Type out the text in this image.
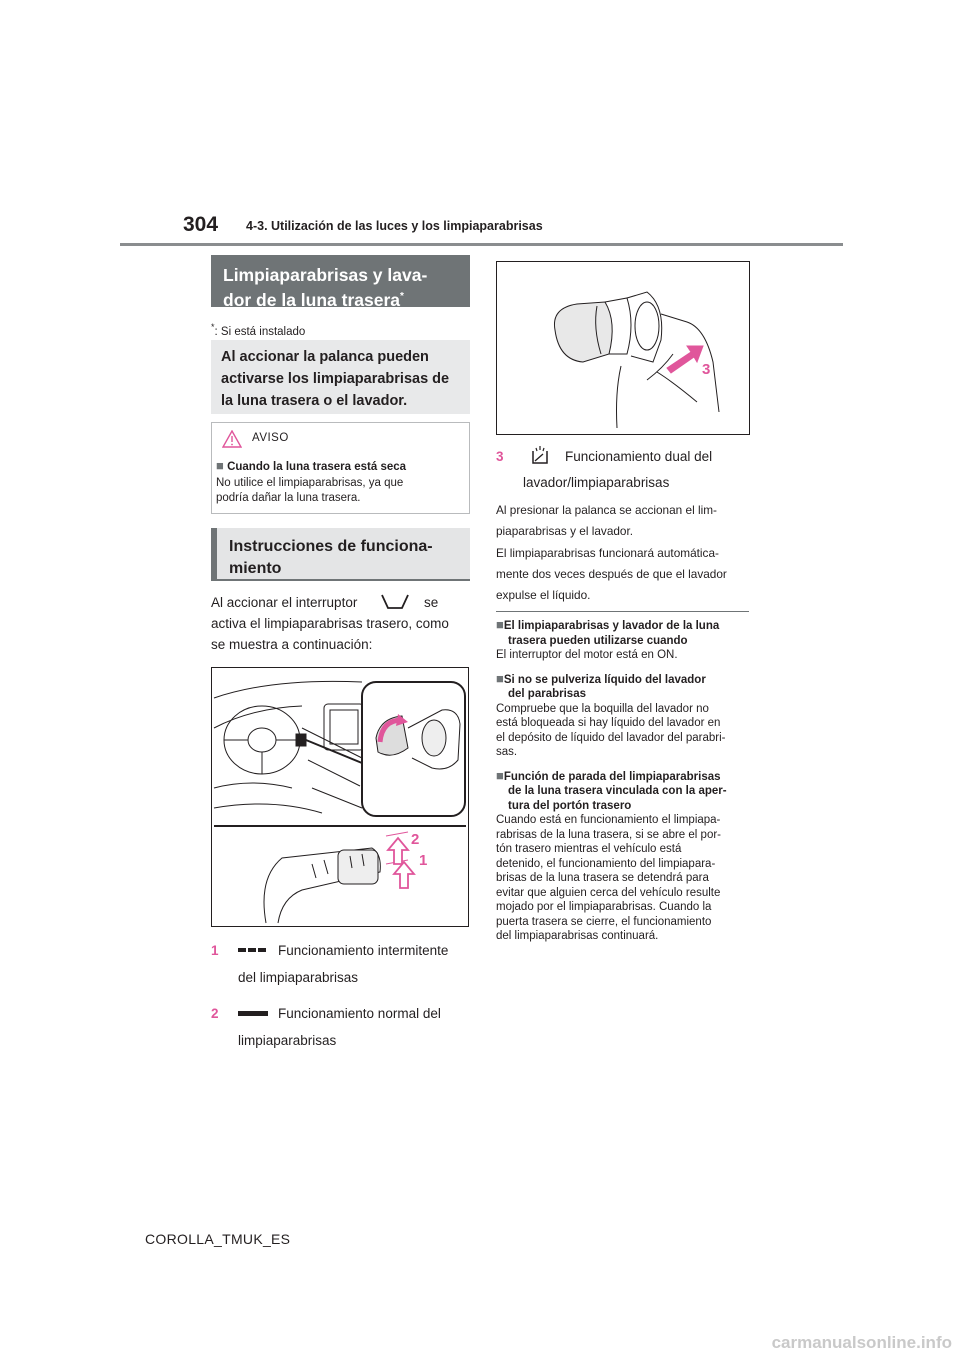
304 4-3. Utilización de las luces y los limpiaparabrisas
Limpiaparabrisas y lava-
dor de la luna trasera*
*: Si está instalado
Al accionar la palanca pueden
activarse los limpiaparabrisas de
la luna trasera o el lavador.
AVISO
■ Cuando la luna trasera está seca
No utilice el limpiaparabrisas, ya que
podría dañar la luna trasera.
Instrucciones de funciona-
miento
Al accionar el interruptor	se
activa el limpiaparabrisas trasero, como
se muestra a continuación:
2
1
1	Funcionamiento intermitente
del limpiaparabrisas
2	Funcionamiento normal del
limpiaparabrisas
3
3	Funcionamiento dual del
lavador/limpiaparabrisas
Al presionar la palanca se accionan el lim-
piaparabrisas y el lavador.
El limpiaparabrisas funcionará automática-
mente dos veces después de que el lavador
expulse el líquido.
■El limpiaparabrisas y lavador de la luna
trasera pueden utilizarse cuando
El interruptor del motor está en ON.
■Si no se pulveriza líquido del lavador
del parabrisas
Compruebe que la boquilla del lavador no
está bloqueada si hay líquido del lavador en
el depósito de líquido del lavador del parabri-
sas.
■Función de parada del limpiaparabrisas
de la luna trasera vinculada con la aper-
tura del portón trasero
Cuando está en funcionamiento el limpiapa-
rabrisas de la luna trasera, si se abre el por-
tón trasero mientras el vehículo está
detenido, el funcionamiento del limpiapara-
brisas de la luna trasera se detendrá para
evitar que alguien cerca del vehículo resulte
mojado por el limpiaparabrisas. Cuando la
puerta trasera se cierre, el funcionamiento
del limpiaparabrisas continuará.
COROLLA_TMUK_ES
carmanualsonline.info
